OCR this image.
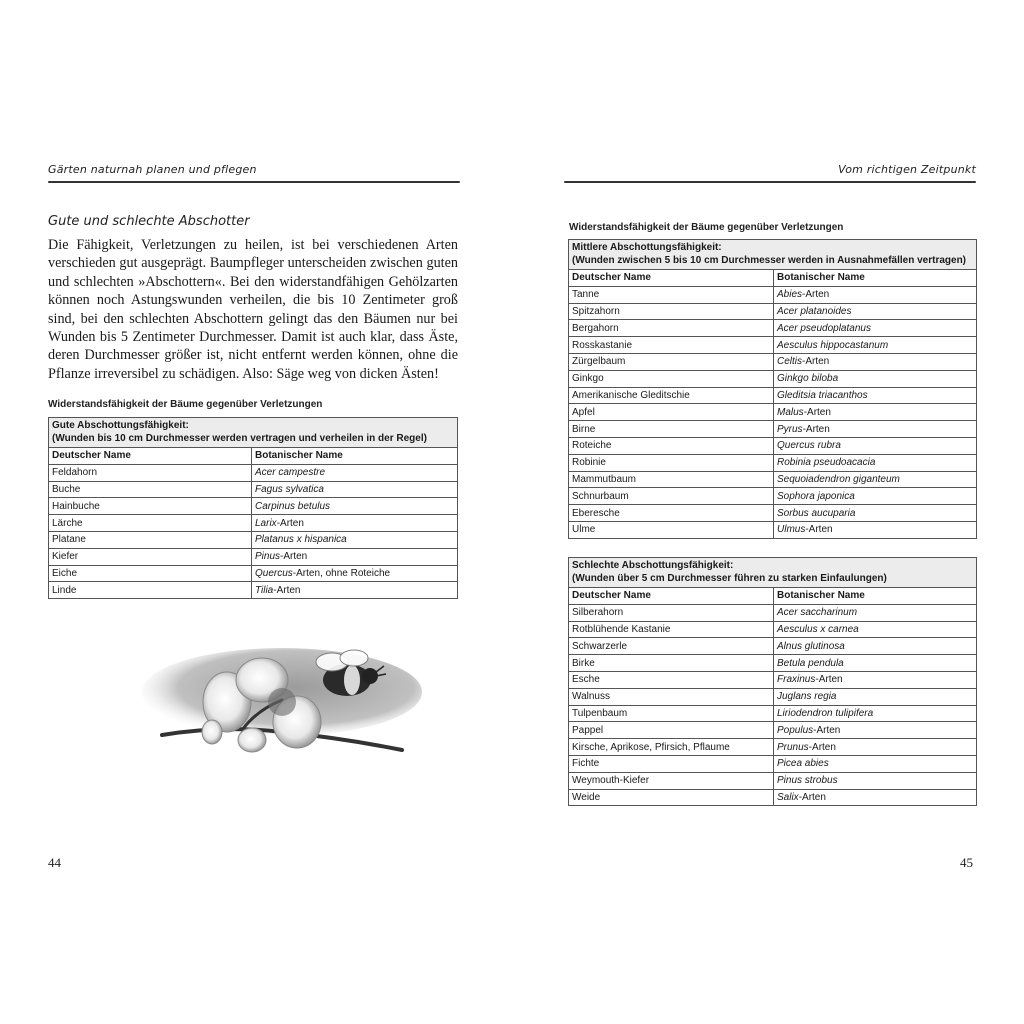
Gärten naturnah planen und pflegen
Gute und schlechte Abschotter

Die Fähigkeit, Verletzungen zu heilen, ist bei verschiedenen Arten verschieden gut ausgeprägt. Baumpfleger unterscheiden zwischen guten und schlechten »Abschottern«. Bei den widerstandfähigen Gehölzarten können noch Astungswunden verheilen, die bis 10 Zentimeter groß sind, bei den schlechten Abschottern gelingt das den Bäumen nur bei Wunden bis 5 Zentimeter Durchmesser. Damit ist auch klar, dass Äste, deren Durchmesser größer ist, nicht entfernt werden können, ohne die Pflanze irreversibel zu schädigen. Also: Säge weg von dicken Ästen!

Widerstandsfähigkeit der Bäume gegenüber Verletzungen
Gute Abschottungsfähigkeit:
(Wunden bis 10 cm Durchmesser werden vertragen und verheilen in der Regel)	

Deutscher Name	Botanischer Name
Feldahorn	Acer campestre
Buche	Fagus sylvatica
Hainbuche	Carpinus betulus
Lärche	Larix-Arten
Platane	Platanus x hispanica
Kiefer	Pinus-Arten
Eiche	Quercus-Arten, ohne Roteiche
Linde	Tilia-Arten
44
Vom richtigen Zeitpunkt
Widerstandsfähigkeit der Bäume gegenüber Verletzungen
Mittlere Abschottungsfähigkeit:
(Wunden zwischen 5 bis 10 cm Durchmesser werden in Ausnahmefällen vertragen)	

Deutscher Name	Botanischer Name
Tanne	Abies-Arten
Spitzahorn	Acer platanoides
Bergahorn	Acer pseudoplatanus
Rosskastanie	Aesculus hippocastanum
Zürgelbaum	Celtis-Arten
Ginkgo	Ginkgo biloba
Amerikanische Gleditschie	Gleditsia triacanthos
Apfel	Malus-Arten
Birne	Pyrus-Arten
Roteiche	Quercus rubra
Robinie	Robinia pseudoacacia
Mammutbaum	Sequoiadendron giganteum
Schnurbaum	Sophora japonica
Eberesche	Sorbus aucuparia
Ulme	Ulmus-Arten
Schlechte Abschottungsfähigkeit:
(Wunden über 5 cm Durchmesser führen zu starken Einfaulungen)	

Deutscher Name	Botanischer Name
Silberahorn	Acer saccharinum
Rotblühende Kastanie	Aesculus x carnea
Schwarzerle	Alnus glutinosa
Birke	Betula pendula
Esche	Fraxinus-Arten
Walnuss	Juglans regia
Tulpenbaum	Liriodendron tulipifera
Pappel	Populus-Arten
Kirsche, Aprikose, Pfirsich, Pflaume	Prunus-Arten
Fichte	Picea abies
Weymouth-Kiefer	Pinus strobus
Weide	Salix-Arten
45
